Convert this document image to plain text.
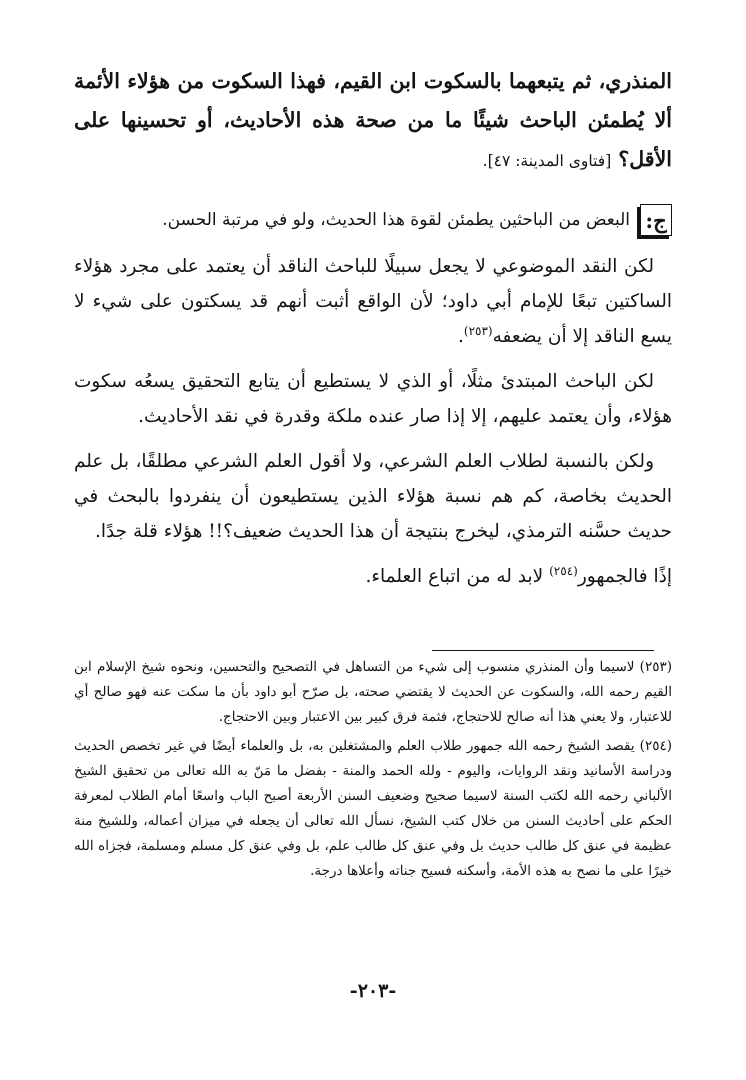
المنذري، ثم يتبعهما بالسكوت ابن القيم، فهذا السكوت من هؤلاء الأئمة ألا يُطمئن الباحث شيئًا ما من صحة هذه الأحاديث، أو تحسينها على الأقل؟ [فتاوى المدينة: ٤٧].

ج:
البعض من الباحثين يطمئن لقوة هذا الحديث، ولو في مرتبة الحسن.

لكن النقد الموضوعي لا يجعل سبيلًا للباحث الناقد أن يعتمد على مجرد هؤلاء الساكتين تبعًا للإمام أبي داود؛ لأن الواقع أثبت أنهم قد يسكتون على شيء لا يسع الناقد إلا أن يضعفه$^{(٢٥٣)}$.

لكن الباحث المبتدئ مثلًا، أو الذي لا يستطيع أن يتابع التحقيق يسعُه سكوت هؤلاء، وأن يعتمد عليهم، إلا إذا صار عنده ملكة وقدرة في نقد الأحاديث.

ولكن بالنسبة لطلاب العلم الشرعي، ولا أقول العلم الشرعي مطلقًا، بل علم الحديث بخاصة، كم هم نسبة هؤلاء الذين يستطيعون أن ينفردوا بالبحث في حديث حسَّنه الترمذي، ليخرج بنتيجة أن هذا الحديث ضعيف؟!! هؤلاء قلة جدًا.

إذًا فالجمهور$^{(٢٥٤)}$ لابد له من اتباع العلماء.

(٢٥٣) لاسيما وأن المنذري منسوب إلى شيء من التساهل في التصحيح والتحسين، ونحوه شيخ الإسلام ابن القيم رحمه الله، والسكوت عن الحديث لا يقتضي صحته، بل صرّح أبو داود بأن ما سكت عنه فهو صالح أي للاعتبار، ولا يعني هذا أنه صالح للاحتجاج، فثمة فرق كبير بين الاعتبار وبين الاحتجاج.

(٢٥٤) يقصد الشيخ رحمه الله جمهور طلاب العلم والمشتغلين به، بل والعلماء أيضًا في غير تخصص الحديث ودراسة الأسانيد ونقد الروايات، واليوم - ولله الحمد والمنة - بفضل ما مَنّ به الله تعالى من تحقيق الشيخ الألباني رحمه الله لكتب السنة لاسيما صحيح وضعيف السنن الأربعة أصبح الباب واسعًا أمام الطلاب لمعرفة الحكم على أحاديث السنن من خلال كتب الشيخ، نسأل الله تعالى أن يجعله في ميزان أعماله، وللشيخ منة عظيمة في عنق كل طالب حديث بل وفي عنق كل طالب علم، بل وفي عنق كل مسلم ومسلمة، فجزاه الله خيرًا على ما نصح به هذه الأمة، وأسكنه فسيح جناته وأعلاها درجة.

-٢٠٣-
